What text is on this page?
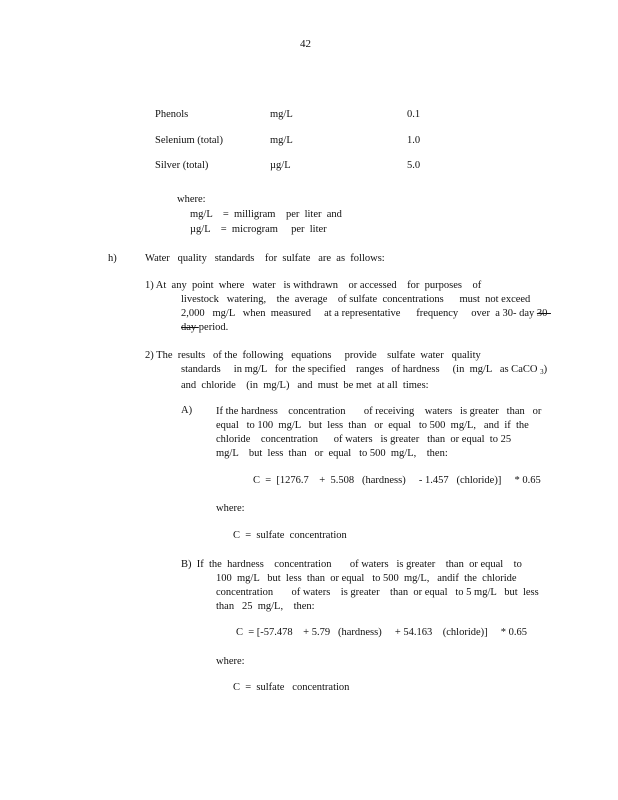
42
Phenols	mg/L	0.1
Selenium (total)	mg/L	1.0
Silver (total)	µg/L	5.0
where:
mg/L    =  milligram    per  liter  and
µg/L    =  microgram     per  liter
h)	Water   quality   standards    for  sulfate   are  as  follows:
1) At  any  point  where   water   is withdrawn    or accessed    for  purposes    of
livestock   watering,    the  average    of sulfate  concentrations      must  not exceed
2,000   mg/L   when  measured     at a representative      frequency     over  a 30- day 30-
day period.
2) The  results   of the  following   equations     provide    sulfate  water   quality
standards     in mg/L   for  the specified    ranges   of hardness     (in  mg/L   as CaCO $_3$)
and  chloride    (in  mg/L)   and  must  be met  at all  times:
A) If the hardness    concentration       of receiving    waters   is greater   than   or
equal   to 100  mg/L   but  less  than   or  equal   to 500  mg/L,   and  if  the
chloride    concentration      of waters   is greater   than  or equal  to 25
mg/L    but  less  than   or  equal   to 500  mg/L,    then:
C  =  [1276.7    +  5.508   (hardness)     - 1.457   (chloride)]     * 0.65
where:
C  =  sulfate  concentration
B)  If  the  hardness    concentration       of waters   is greater    than  or equal    to
100  mg/L   but  less  than  or equal   to 500  mg/L,   andif  the  chloride
concentration       of waters    is greater    than  or equal   to 5 mg/L   but  less
than   25  mg/L,    then:
C  = [-57.478    + 5.79   (hardness)     + 54.163    (chloride)]     * 0.65
where:
C  =  sulfate   concentration
